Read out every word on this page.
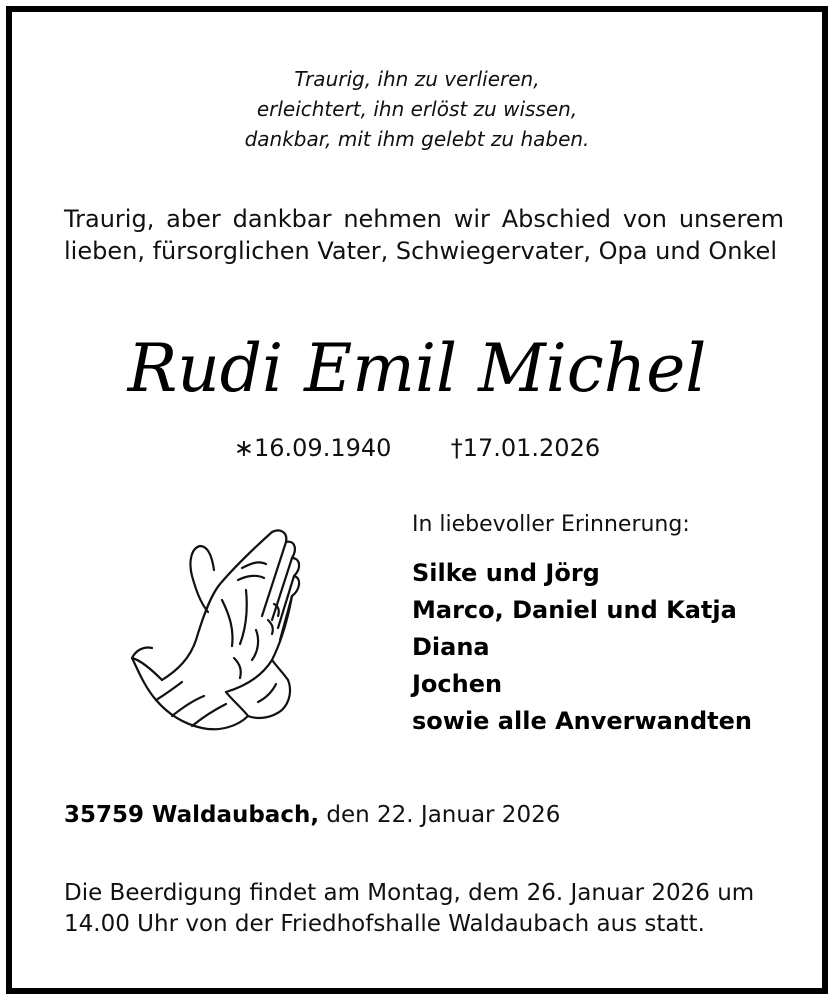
Traurig, ihn zu verlieren,
erleichtert, ihn erlöst zu wissen,
dankbar, mit ihm gelebt zu haben.
Traurig, aber dankbar nehmen wir Abschied von unserem lieben, fürsorglichen Vater, Schwiegervater, Opa und Onkel
Rudi Emil Michel
∗16.09.1940 †17.01.2026
In liebevoller Erinnerung:
Silke und Jörg
Marco, Daniel und Katja
Diana
Jochen
sowie alle Anverwandten
35759 Waldaubach, den 22. Januar 2026
Die Beerdigung findet am Montag, dem 26. Januar 2026 um 14.00 Uhr von der Friedhofshalle Waldaubach aus statt.
